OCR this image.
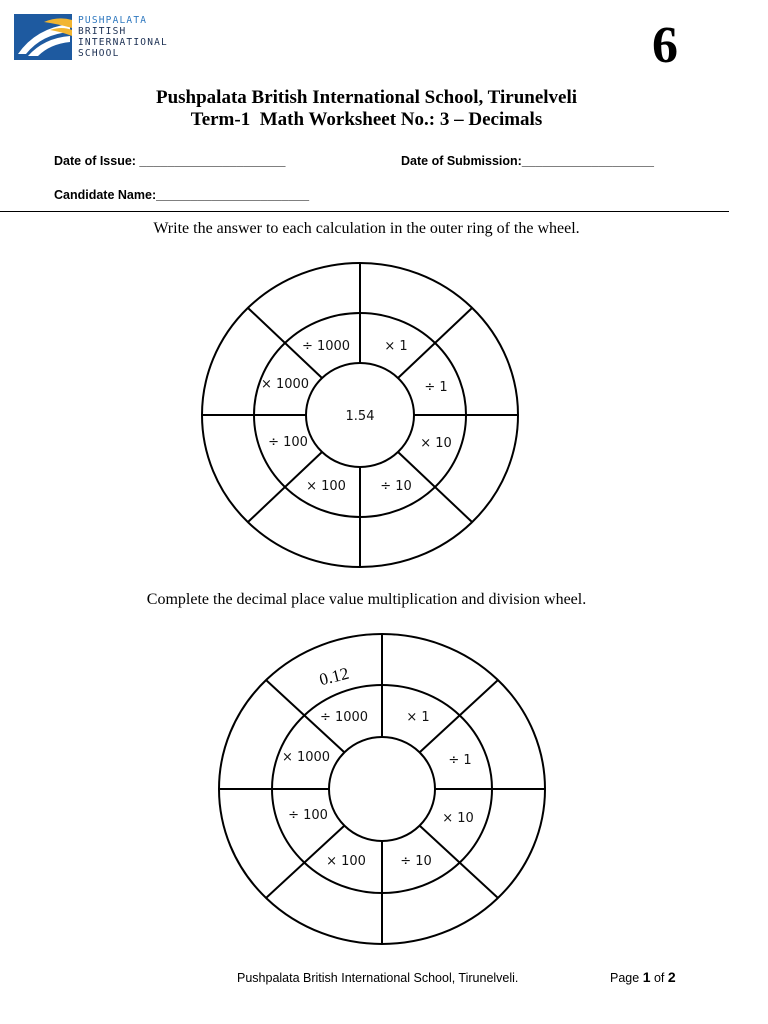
PUSHPALATA
BRITISH
INTERNATIONAL
SCHOOL	6
Pushpalata British International School, Tirunelveli
Term-1  Math Worksheet No.: 3 – Decimals
Date of Issue: _____________________	Date of Submission:___________________
Candidate Name:______________________
Write the answer to each calculation in the outer ring of the wheel.
÷ 1000	× 1
÷ 1
× 10
÷ 10
× 100
÷ 100
× 1000
1.54
Complete the decimal place value multiplication and division wheel.
÷ 1000	× 1
÷ 1
× 10
÷ 10
× 100
÷ 100
× 1000
0.12
Pushpalata British International School, Tirunelveli.	Page 1 of 2
